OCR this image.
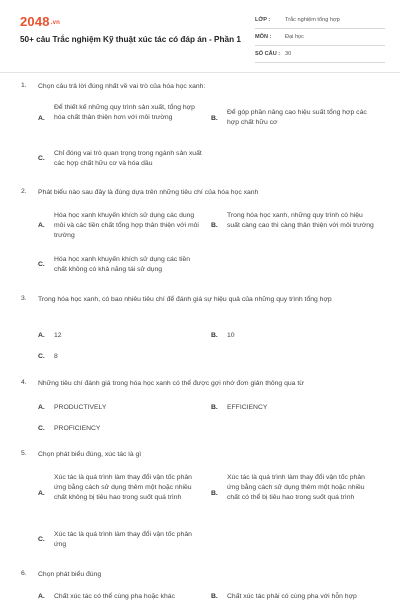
2048.vn
50+ câu Trắc nghiệm Kỹ thuật xúc tác có đáp án - Phần 1
LỚP :	Trắc nghiệm tổng hợp
MÔN : Đại học
SỐ CÂU : 30
1. Chọn câu trả lời đúng nhất về vai trò của hóa học xanh:
A.
Để thiết kế những quy trình sản xuất, tổng hợp hóa chất thân thiện hơn với môi trường	B.
Để góp phần nâng cao hiệu suất tổng hợp các hợp chất hữu cơ
C.
Chỉ đóng vai trò quan trọng trong ngành sản xuất các hợp chất hữu cơ và hóa dầu
2. Phát biểu nào sau đây là đúng dựa trên những tiêu chí của hóa học xanh
A.
Hóa học xanh khuyến khích sử dụng các dung môi và các tiền chất tổng hợp thân thiện với môi trường
B.
Trong hóa học xanh, những quy trình có hiệu suất càng cao thì càng thân thiện với môi trường
C.
Hóa học xanh khuyến khích sử dụng các tiền chất không có khả năng tái sử dụng
3. Trong hóa học xanh, có bao nhiêu tiêu chí để đánh giá sự hiệu quả của những quy trình tổng hợp
A. 12	B. 10
C. 8
4. Những tiêu chí đánh giá trong hóa học xanh có thể được gợi nhớ đơn giản thông qua từ
A. PRODUCTIVELY	B. EFFICIENCY
C. PROFICIENCY
5. Chọn phát biểu đúng, xúc tác là gì
A.
Xúc tác là quá trình làm thay đổi vận tốc phản ứng bằng cách sử dụng thêm một hoặc nhiều chất không bị tiêu hao trong suốt quá trình
B.
Xúc tác là quá trình làm thay đổi vận tốc phản ứng bằng cách sử dụng thêm một hoặc nhiều chất có thể bị tiêu hao trong suốt quá trình
C.
Xúc tác là quá trình làm thay đổi vận tốc phản ứng
6. Chọn phát biểu đúng
A. Chất xúc tác có thể cùng pha hoặc khác	B. Chất xúc tác phải có cùng pha với hỗn hợp
